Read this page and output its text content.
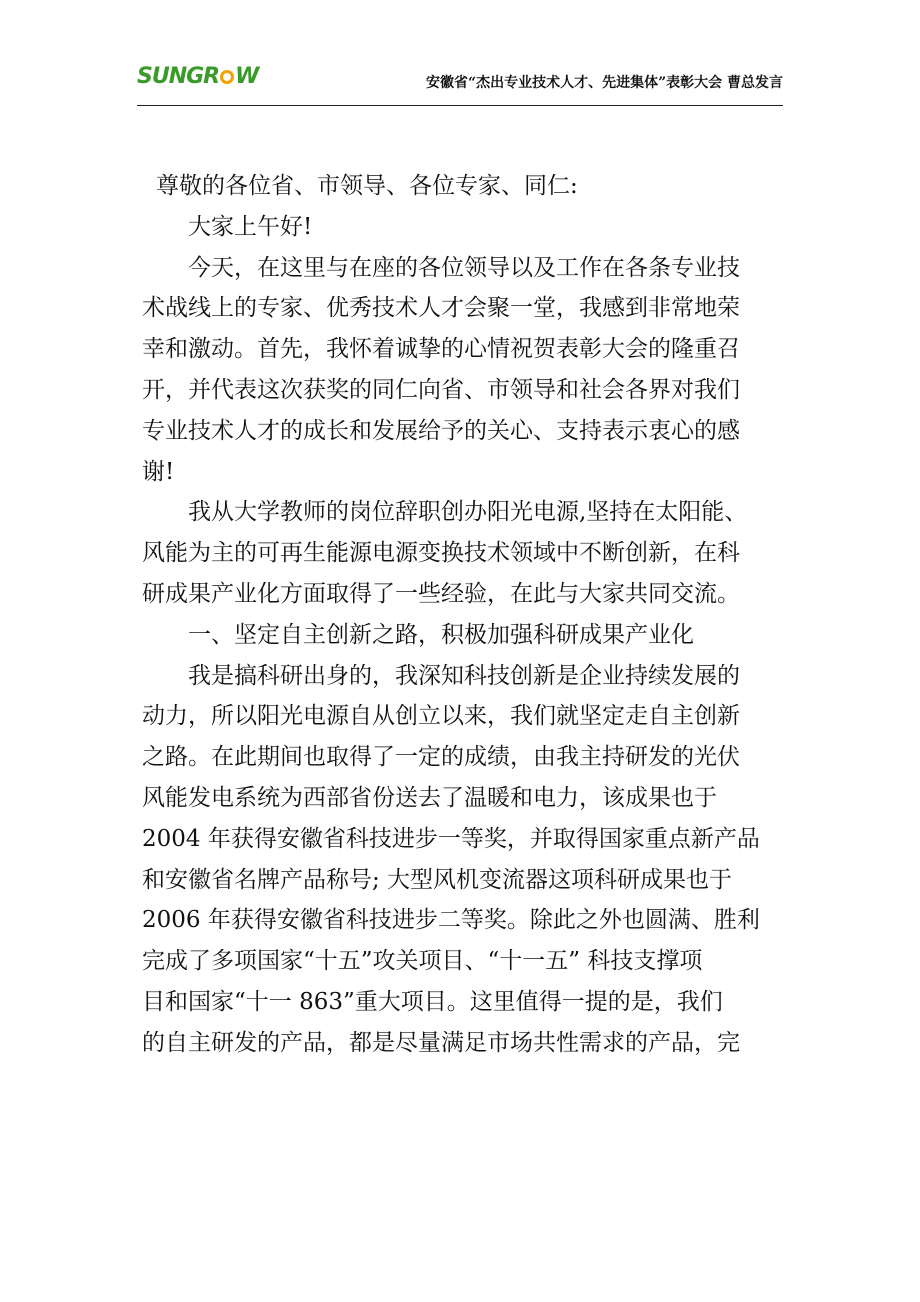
SUNGR W	安徽省“杰出专业技术人才、先进集体”表彰大会 曹总发言
尊敬的各位省、市领导、各位专家、同仁:
大家上午好!
今天，在这里与在座的各位领导以及工作在各条专业技
术战线上的专家、优秀技术人才会聚一堂，我感到非常地荣
幸和激动。首先，我怀着诚挚的心情祝贺表彰大会的隆重召
开，并代表这次获奖的同仁向省、市领导和社会各界对我们
专业技术人才的成长和发展给予的关心、支持表示衷心的感
谢!
我从大学教师的岗位辞职创办阳光电源,坚持在太阳能、
风能为主的可再生能源电源变换技术领域中不断创新，在科
研成果产业化方面取得了一些经验，在此与大家共同交流。
一、坚定自主创新之路，积极加强科研成果产业化
我是搞科研出身的，我深知科技创新是企业持续发展的
动力，所以阳光电源自从创立以来，我们就坚定走自主创新
之路。在此期间也取得了一定的成绩，由我主持研发的光伏
风能发电系统为西部省份送去了温暖和电力，该成果也于
2004 年获得安徽省科技进步一等奖，并取得国家重点新产品
和安徽省名牌产品称号; 大型风机变流器这项科研成果也于
2006 年获得安徽省科技进步二等奖。除此之外也圆满、胜利
完成了多项国家“十五”攻关项目、“十一五” 科技支撑项
目和国家“十一 863”重大项目。这里值得一提的是，我们
的自主研发的产品，都是尽量满足市场共性需求的产品，完
